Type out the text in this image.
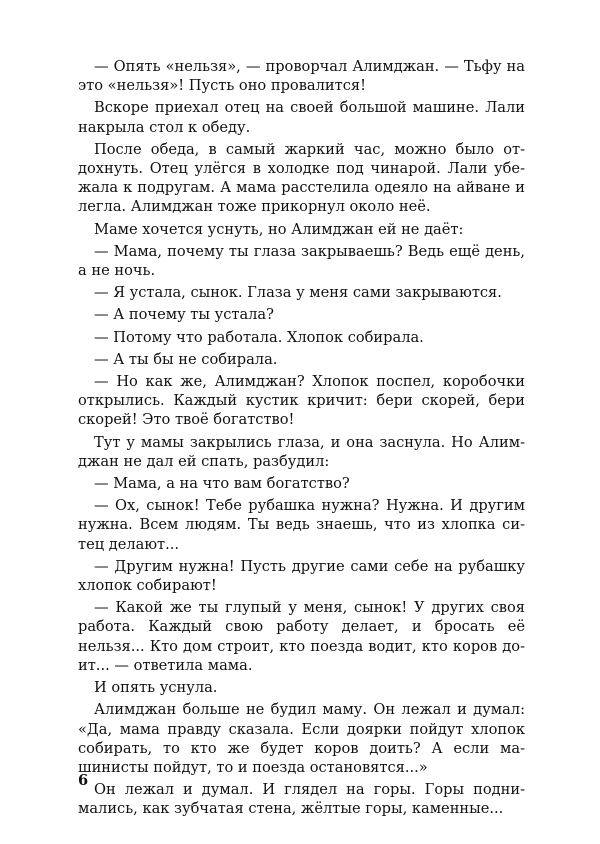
— Опять «нельзя», — проворчал Алимджан. — Тьфу на это «нельзя»! Пусть оно провалится!

Вскоре приехал отец на своей большой машине. Лали накрыла стол к обеду.

После обеда, в самый жаркий час, можно было отдохнуть. Отец улёгся в холодке под чинарой. Лали убежала к подругам. А мама расстелила одеяло на айване и легла. Алимджан тоже прикорнул около неё.

Маме хочется уснуть, но Алимджан ей не даёт:

— Мама, почему ты глаза закрываешь? Ведь ещё день, а не ночь.

— Я устала, сынок. Глаза у меня сами закрываются.

— А почему ты устала?

— Потому что работала. Хлопок собирала.

— А ты бы не собирала.

— Но как же, Алимджан? Хлопок поспел, коробочки открылись. Каждый кустик кричит: бери скорей, бери скорей! Это твоё богатство!

Тут у мамы закрылись глаза, и она заснула. Но Алимджан не дал ей спать, разбудил:

— Мама, а на что вам богатство?

— Ох, сынок! Тебе рубашка нужна? Нужна. И другим нужна. Всем людям. Ты ведь знаешь, что из хлопка ситец делают...

— Другим нужна! Пусть другие сами себе на рубашку хлопок собирают!

— Какой же ты глупый у меня, сынок! У других своя работа. Каждый свою работу делает, и бросать её нельзя... Кто дом строит, кто поезда водит, кто коров доит... — ответила мама.

И опять уснула.

Алимджан больше не будил маму. Он лежал и думал: «Да, мама правду сказала. Если доярки пойдут хлопок собирать, то кто же будет коров доить? А если машинисты пойдут, то и поезда остановятся...»

Он лежал и думал. И глядел на горы. Горы поднимались, как зубчатая стена, жёлтые горы, каменные...

6
